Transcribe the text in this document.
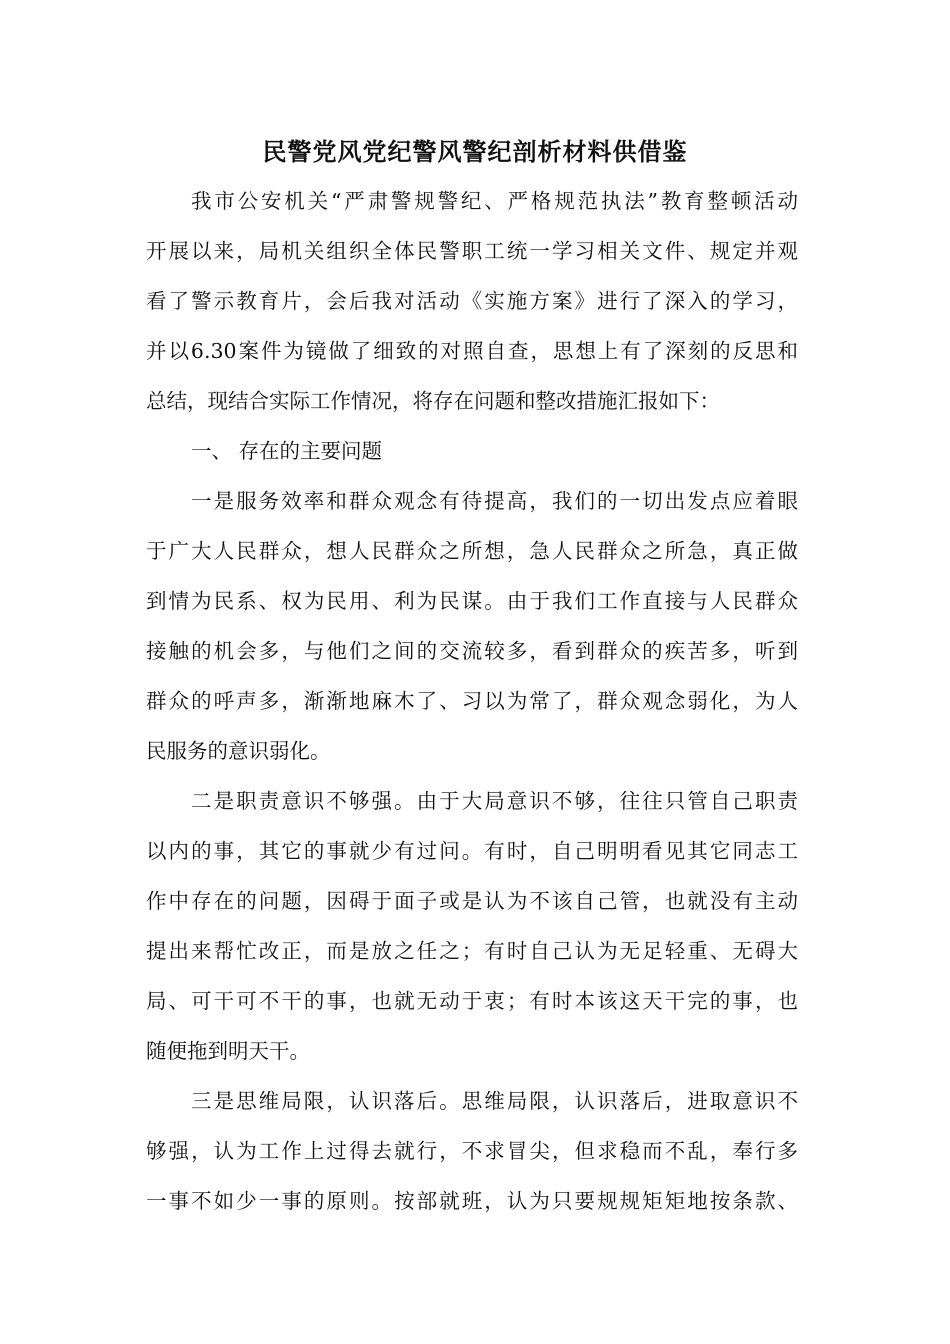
民警党风党纪警风警纪剖析材料供借鉴
我市公安机关“严肃警规警纪、严格规范执法”教育整顿活动
开展以来，局机关组织全体民警职工统一学习相关文件、规定并观
看了警示教育片，会后我对活动《实施方案》进行了深入的学习，
并以6.30案件为镜做了细致的对照自查，思想上有了深刻的反思和
总结，现结合实际工作情况，将存在问题和整改措施汇报如下：
一、 存在的主要问题
一是服务效率和群众观念有待提高，我们的一切出发点应着眼
于广大人民群众，想人民群众之所想，急人民群众之所急，真正做
到情为民系、权为民用、利为民谋。由于我们工作直接与人民群众
接触的机会多，与他们之间的交流较多，看到群众的疾苦多，听到
群众的呼声多，渐渐地麻木了、习以为常了，群众观念弱化，为人
民服务的意识弱化。
二是职责意识不够强。由于大局意识不够，往往只管自己职责
以内的事，其它的事就少有过问。有时，自己明明看见其它同志工
作中存在的问题，因碍于面子或是认为不该自己管，也就没有主动
提出来帮忙改正，而是放之任之；有时自己认为无足轻重、无碍大
局、可干可不干的事，也就无动于衷；有时本该这天干完的事，也
随便拖到明天干。
三是思维局限，认识落后。思维局限，认识落后，进取意识不
够强，认为工作上过得去就行，不求冒尖，但求稳而不乱，奉行多
一事不如少一事的原则。按部就班，认为只要规规矩矩地按条款、
